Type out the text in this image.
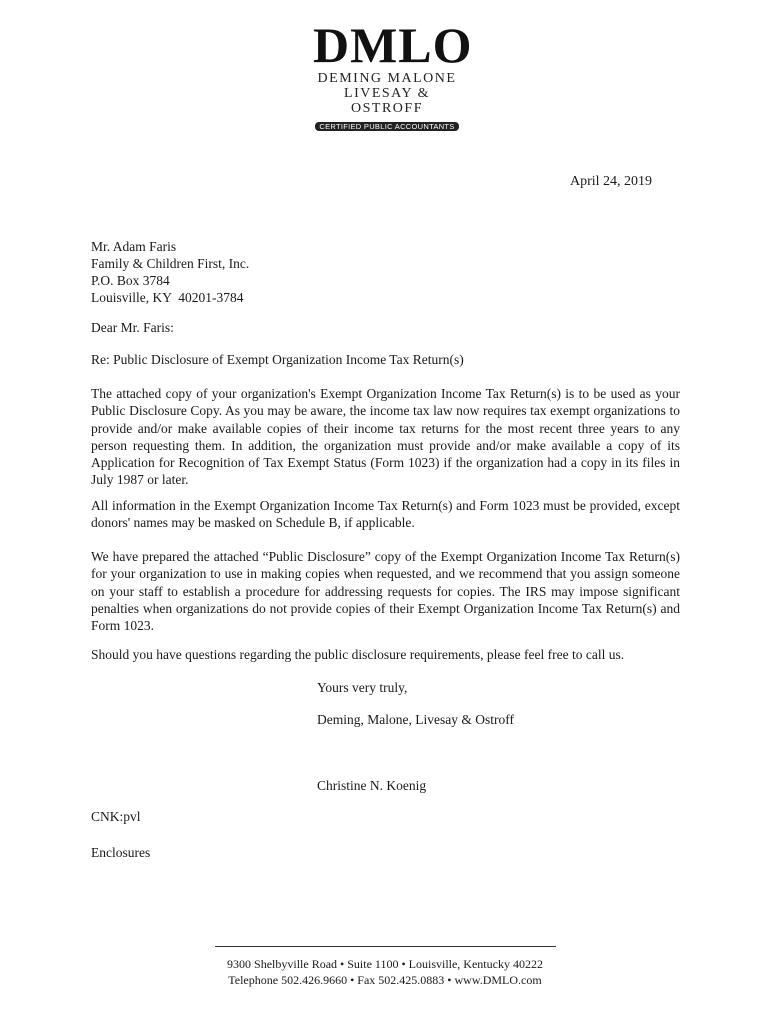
DMLO
DEMING MALONE
LIVESAY & OSTROFF
CERTIFIED PUBLIC ACCOUNTANTS
April 24, 2019
Mr. Adam Faris
Family & Children First, Inc.
P.O. Box 3784
Louisville, KY  40201-3784
Dear Mr. Faris:
Re: Public Disclosure of Exempt Organization Income Tax Return(s)
The attached copy of your organization's Exempt Organization Income Tax Return(s) is to be used as your Public Disclosure Copy. As you may be aware, the income tax law now requires tax exempt organizations to provide and/or make available copies of their income tax returns for the most recent three years to any person requesting them. In addition, the organization must provide and/or make available a copy of its Application for Recognition of Tax Exempt Status (Form 1023) if the organization had a copy in its files in July 1987 or later.
All information in the Exempt Organization Income Tax Return(s) and Form 1023 must be provided, except donors' names may be masked on Schedule B, if applicable.
We have prepared the attached “Public Disclosure” copy of the Exempt Organization Income Tax Return(s) for your organization to use in making copies when requested, and we recommend that you assign someone on your staff to establish a procedure for addressing requests for copies. The IRS may impose significant penalties when organizations do not provide copies of their Exempt Organization Income Tax Return(s) and Form 1023.
Should you have questions regarding the public disclosure requirements, please feel free to call us.
Yours very truly,
Deming, Malone, Livesay & Ostroff
Christine N. Koenig
CNK:pvl
Enclosures
9300 Shelbyville Road • Suite 1100 • Louisville, Kentucky 40222
Telephone 502.426.9660 • Fax 502.425.0883 • www.DMLO.com
